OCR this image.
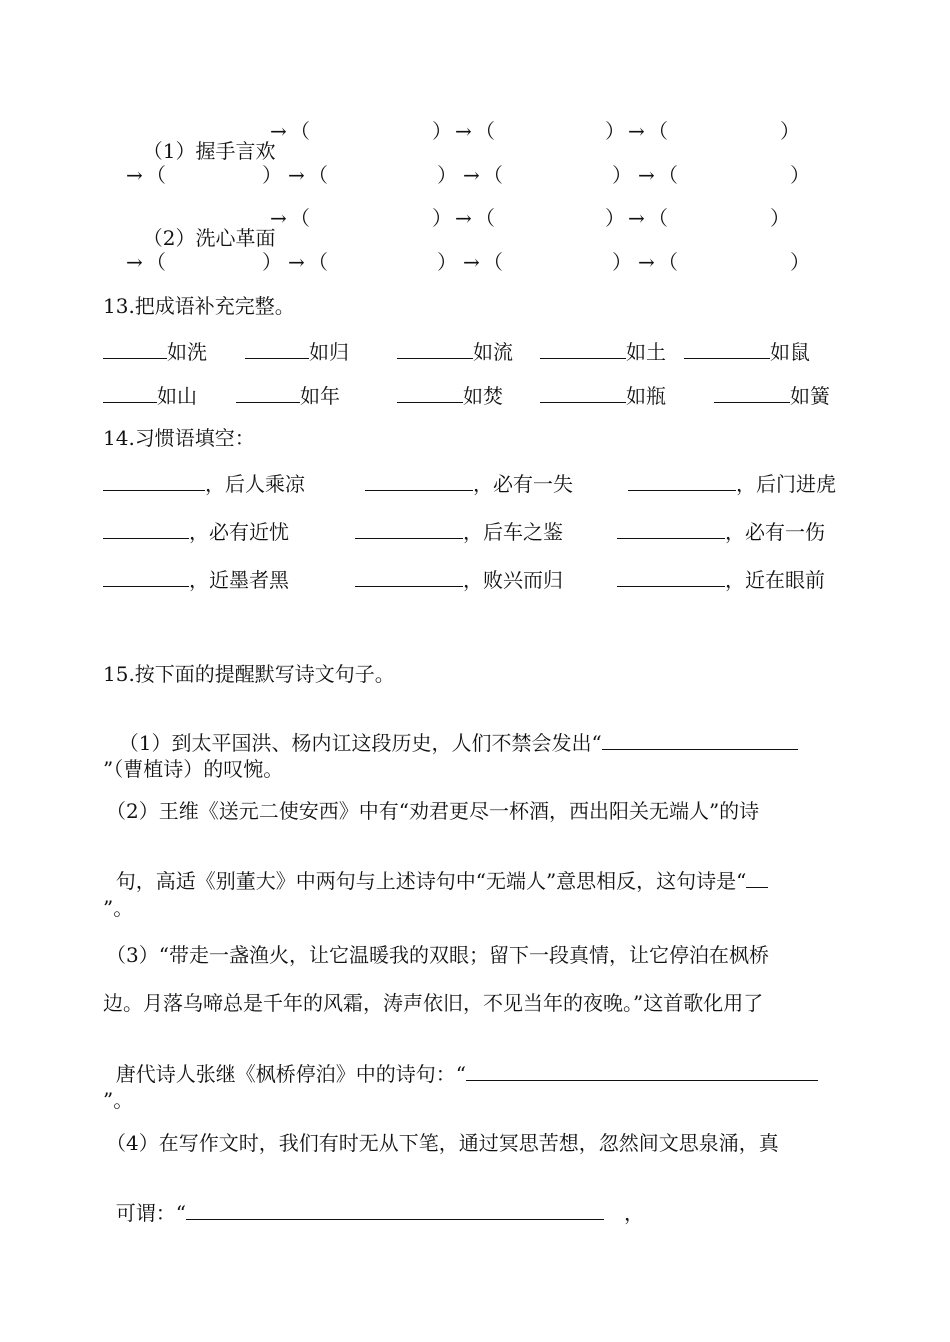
（1）握手言欢

→ （	） → （	） → （	）
→ （	） → （	） → （	） → （	）

（2）洗心革面

→ （	） → （	） → （	）
→ （	） → （	） → （	） → （	）
13.把成语补充完整。
如洗	如归	如流	如土	如鼠
如山	如年	如焚	如瓶	如簧
14.习惯语填空：
，后人乘凉	，必有一失	，后门进虎
，必有近忧	，后车之鉴	，必有一伤
，近墨者黑	，败兴而归	，近在眼前
15.按下面的提醒默写诗文句子。

（1）到太平国洪、杨内讧这段历史，人们不禁会发出“

”（曹植诗）的叹惋。
（2）王维《送元二使安西》中有“劝君更尽一杯酒，西出阳关无端人”的诗

句，高适《别董大》中两句与上述诗句中“无端人”意思相反，这句诗是“

”。
（3）“带走一盏渔火，让它温暖我的双眼；留下一段真情，让它停泊在枫桥
边。月落乌啼总是千年的风霜，涛声依旧，不见当年的夜晚。”这首歌化用了

唐代诗人张继《枫桥停泊》中的诗句：“

”。
（4）在写作文时，我们有时无从下笔，通过冥思苦想，忽然间文思泉涌，真

可谓：“	，
